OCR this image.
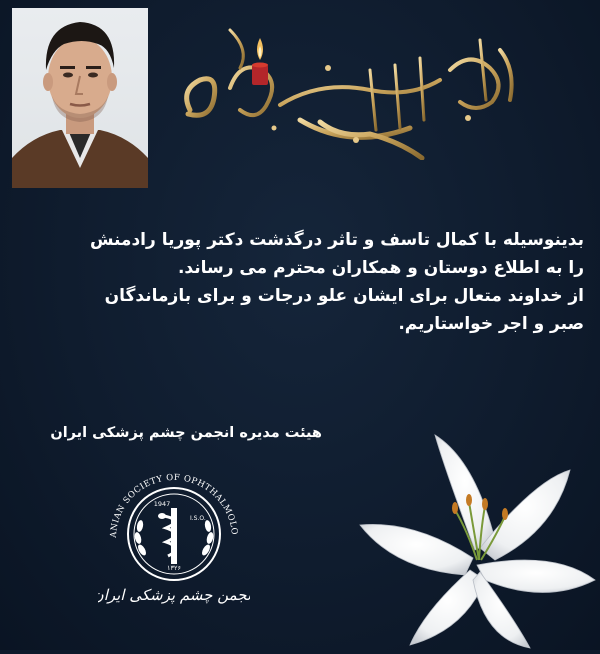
بدینوسیله با کمال تاسف و تاثر درگذشت دکتر پوریا رادمنش
را به اطلاع دوستان و همکاران محترم می رساند.
از خداوند متعال برای ایشان علو درجات و برای بازماندگان
صبر و اجر خواستاریم.
هیئت مدیره انجمن چشم پزشکی ایران
ANIAN SOCIETY OF OPHTHALMOLO
I.S.O.
1947
۱۳۲۶
انجمن چشم پزشکی ایران
